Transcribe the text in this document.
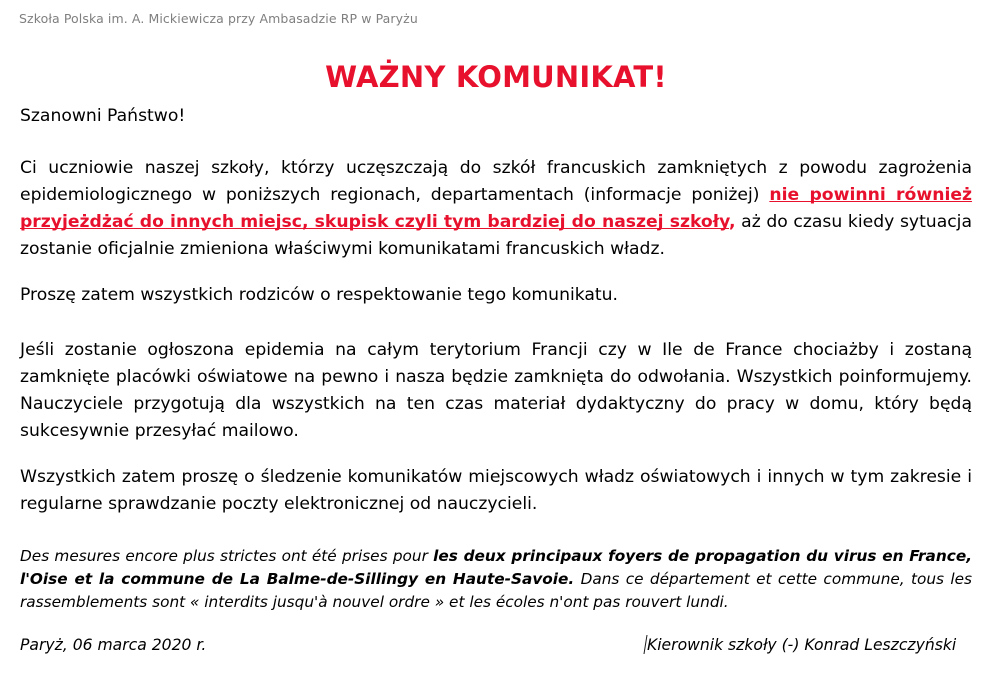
Szkoła Polska im. A. Mickiewicza przy Ambasadzie RP w Paryżu
WAŻNY KOMUNIKAT!

Szanowni Państwo!

Ci uczniowie naszej szkoły, którzy uczęszczają do szkół francuskich zamkniętych z powodu zagrożenia epidemiologicznego w poniższych regionach, departamentach (informacje poniżej) nie powinni również przyjeżdżać do innych miejsc, skupisk czyli tym bardziej do naszej szkoły, aż do czasu kiedy sytuacja zostanie oficjalnie zmieniona właściwymi komunikatami francuskich władz.

Proszę zatem wszystkich rodziców o respektowanie tego komunikatu.

Jeśli zostanie ogłoszona epidemia na całym terytorium Francji czy w Ile de France chociażby i zostaną zamknięte placówki oświatowe na pewno i nasza będzie zamknięta do odwołania. Wszystkich poinformujemy. Nauczyciele przygotują dla wszystkich na ten czas materiał dydaktyczny do pracy w domu, który będą sukcesywnie przesyłać mailowo.

Wszystkich zatem proszę o śledzenie komunikatów miejscowych władz oświatowych i innych w tym zakresie i regularne sprawdzanie poczty elektronicznej od nauczycieli.

Des mesures encore plus strictes ont été prises pour les deux principaux foyers de propagation du virus en France, l'Oise et la commune de La Balme-de-Sillingy en Haute-Savoie. Dans ce département et cette commune, tous les rassemblements sont « interdits jusqu'à nouvel ordre » et les écoles n'ont pas rouvert lundi.

Paryż, 06 marca 2020 r.	Kierownik szkoły (-) Konrad Leszczyński
